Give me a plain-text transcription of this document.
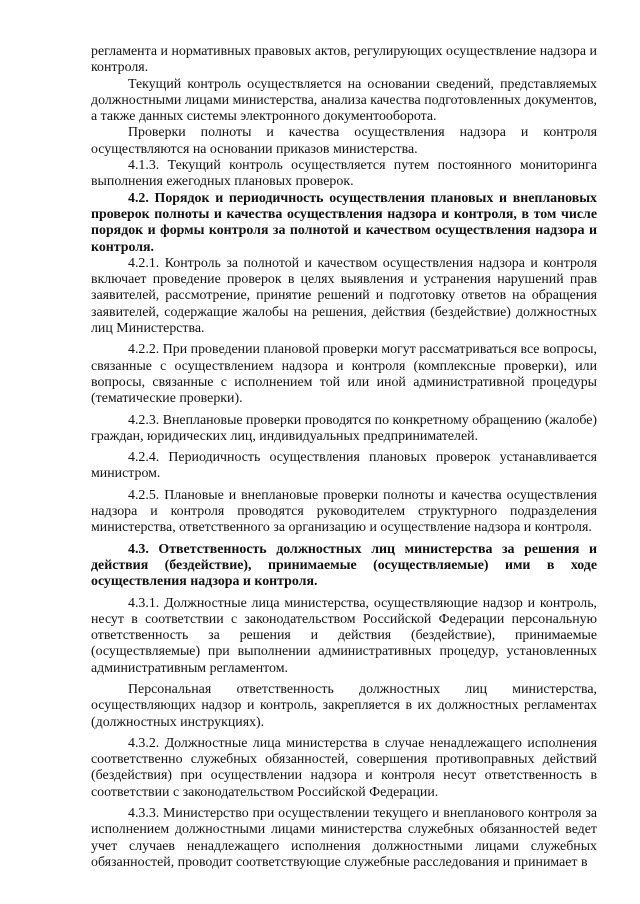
регламента и нормативных правовых актов, регулирующих осуществление надзора и контроля.

Текущий контроль осуществляется на основании сведений, представляемых должностными лицами министерства, анализа качества подготовленных документов, а также данных системы электронного документооборота.

Проверки полноты и качества осуществления надзора и контроля осуществляются на основании приказов министерства.

4.1.3. Текущий контроль осуществляется путем постоянного мониторинга выполнения ежегодных плановых проверок.

4.2. Порядок и периодичность осуществления плановых и внеплановых проверок полноты и качества осуществления надзора и контроля, в том числе порядок и формы контроля за полнотой и качеством осуществления надзора и контроля.

4.2.1. Контроль за полнотой и качеством осуществления надзора и контроля включает проведение проверок в целях выявления и устранения нарушений прав заявителей, рассмотрение, принятие решений и подготовку ответов на обращения заявителей, содержащие жалобы на решения, действия (бездействие) должностных лиц Министерства.

4.2.2. При проведении плановой проверки могут рассматриваться все вопросы, связанные с осуществлением надзора и контроля (комплексные проверки), или вопросы, связанные с исполнением той или иной административной процедуры (тематические проверки).

4.2.3. Внеплановые проверки проводятся по конкретному обращению (жалобе) граждан, юридических лиц, индивидуальных предпринимателей.

4.2.4. Периодичность осуществления плановых проверок устанавливается министром.

4.2.5. Плановые и внеплановые проверки полноты и качества осуществления надзора и контроля проводятся руководителем структурного подразделения министерства, ответственного за организацию и осуществление надзора и контроля.

4.3. Ответственность должностных лиц министерства за решения и действия (бездействие), принимаемые (осуществляемые) ими в ходе осуществления надзора и контроля.

4.3.1. Должностные лица министерства, осуществляющие надзор и контроль, несут в соответствии с законодательством Российской Федерации персональную ответственность за решения и действия (бездействие), принимаемые (осуществляемые) при выполнении административных процедур, установленных административным регламентом.

Персональная ответственность должностных лиц министерства, осуществляющих надзор и контроль, закрепляется в их должностных регламентах (должностных инструкциях).

4.3.2. Должностные лица министерства в случае ненадлежащего исполнения соответственно служебных обязанностей, совершения противоправных действий (бездействия) при осуществлении надзора и контроля несут ответственность в соответствии с законодательством Российской Федерации.

4.3.3. Министерство при осуществлении текущего и внепланового контроля за исполнением должностными лицами министерства служебных обязанностей ведет учет случаев ненадлежащего исполнения должностными лицами служебных обязанностей, проводит соответствующие служебные расследования и принимает в
